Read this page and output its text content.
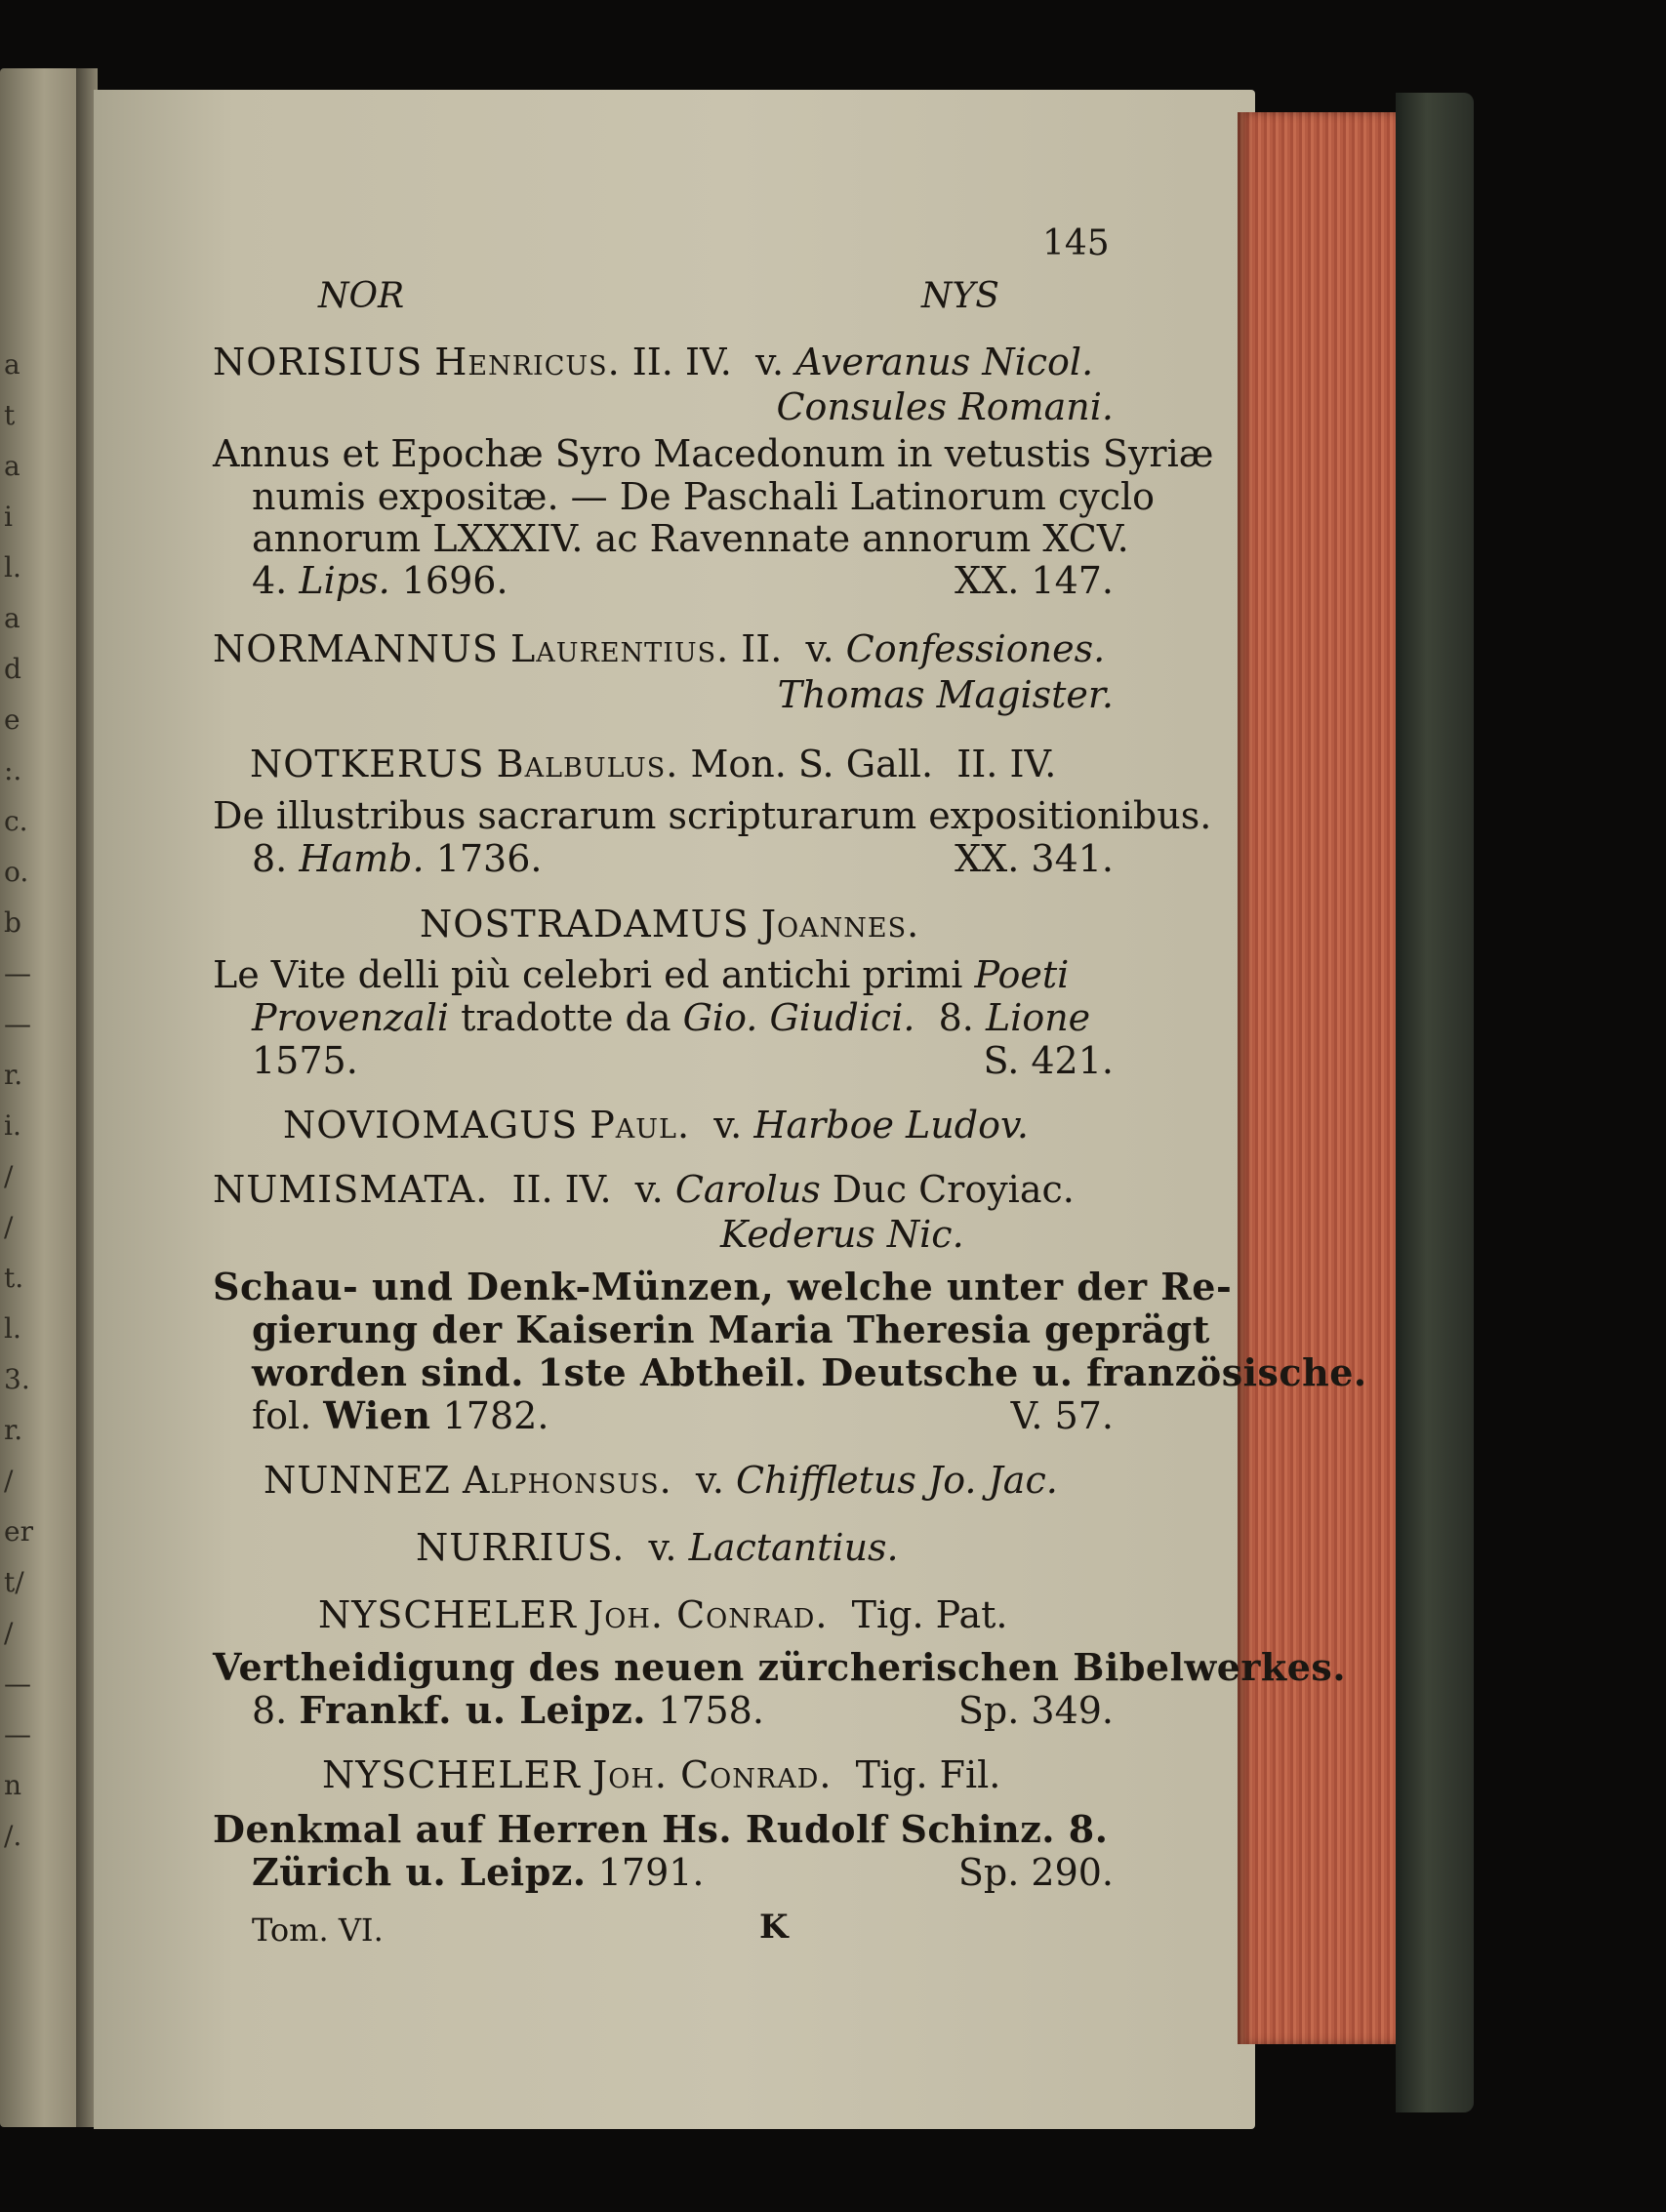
a
t
a
i
l.
a
d
e
:.
c.
o.
b
—
—
r.
i.
/
/
t.
l.
3.
r.
/
er
t/
/
—
—
n
/.
145
NOR	NYS
NORISIUS Henricus. II. IV.  v. Averanus Nicol.
Consules Romani.
Annus et Epochæ Syro Macedonum in vetustis Syriæ
numis expositæ. — De Paschali Latinorum cyclo
annorum LXXXIV. ac Ravennate annorum XCV.
4. Lips. 1696.	XX. 147.
NORMANNUS Laurentius. II.  v. Confessiones.
Thomas Magister.
NOTKERUS Balbulus. Mon. S. Gall.  II. IV.
De illustribus sacrarum scripturarum expositionibus.
8. Hamb. 1736.	XX. 341.
NOSTRADAMUS Joannes.
Le Vite delli più celebri ed antichi primi Poeti
Provenzali tradotte da Gio. Giudici.  8. Lione
1575.	S. 421.
NOVIOMAGUS Paul.  v. Harboe Ludov.
NUMISMATA.  II. IV.  v. Carolus Duc Croyiac.
Kederus Nic.
Schau- und Denk-Münzen, welche unter der Re-
gierung der Kaiserin Maria Theresia geprägt
worden sind. 1ste Abtheil. Deutsche u. französische.
fol. Wien 1782.	V. 57.
NUNNEZ Alphonsus.  v. Chiffletus Jo. Jac.
NURRIUS.  v. Lactantius.
NYSCHELER Joh. Conrad.  Tig. Pat.
Vertheidigung des neuen zürcherischen Bibelwerkes.
8. Frankf. u. Leipz. 1758.	Sp. 349.
NYSCHELER Joh. Conrad.  Tig. Fil.
Denkmal auf Herren Hs. Rudolf Schinz. 8.
Zürich u. Leipz. 1791.	Sp. 290.
Tom. VI.	K
